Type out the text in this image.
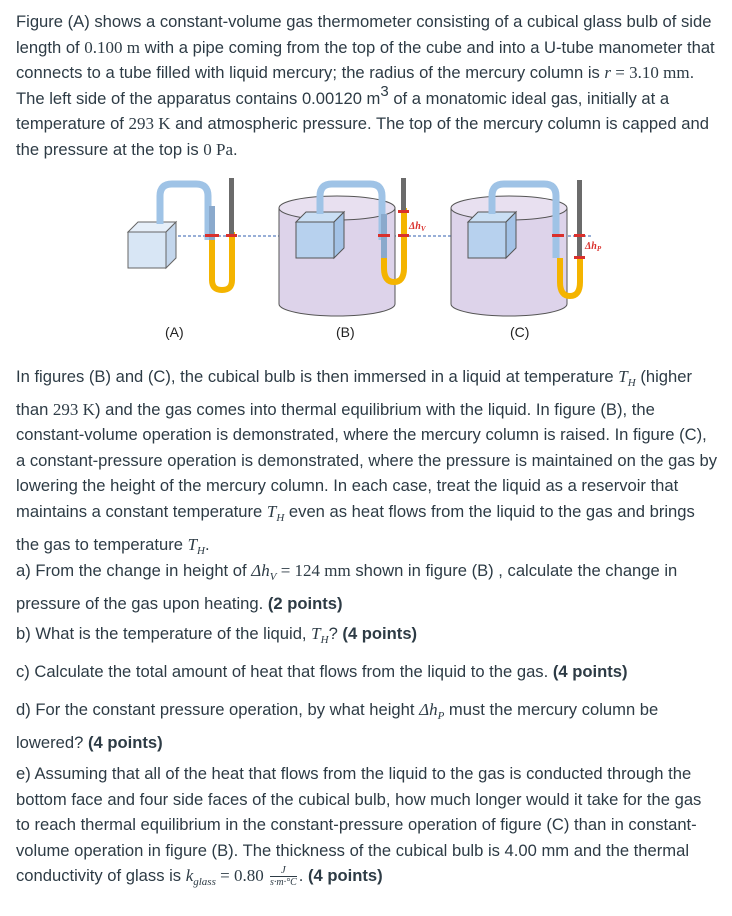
Figure (A) shows a constant-volume gas thermometer consisting of a cubical glass bulb of side length of 0.100 m with a pipe coming from the top of the cube and into a U-tube manometer that connects to a tube filled with liquid mercury; the radius of the mercury column is r = 3.10 mm. The left side of the apparatus contains 0.00120 m3 of a monatomic ideal gas, initially at a temperature of 293 K and atmospheric pressure. The top of the mercury column is capped and the pressure at the top is 0 Pa.

$\Delta h_V$
$\Delta h_P$
(A)	(B)	(C)

In figures (B) and (C), the cubical bulb is then immersed in a liquid at temperature $T_H$ (higher than 293 K) and the gas comes into thermal equilibrium with the liquid. In figure (B), the constant-volume operation is demonstrated, where the mercury column is raised. In figure (C), a constant-pressure operation is demonstrated, where the pressure is maintained on the gas by lowering the height of the mercury column. In each case, treat the liquid as a reservoir that maintains a constant temperature $T_H$ even as heat flows from the liquid to the gas and brings the gas to temperature $T_H$.

a) From the change in height of $\Delta h_V = 124$ mm shown in figure (B) , calculate the change in pressure of the gas upon heating. (2 points)

b) What is the temperature of the liquid, $T_H$? (4 points)

c) Calculate the total amount of heat that flows from the liquid to the gas. (4 points)

d) For the constant pressure operation, by what height $\Delta h_P$ must the mercury column be lowered? (4 points)

e) Assuming that all of the heat that flows from the liquid to the gas is conducted through the bottom face and four side faces of the cubical bulb, how much longer would it take for the gas to reach thermal equilibrium in the constant-pressure operation of figure (C) than in constant-volume operation in figure (B). The thickness of the cubical bulb is 4.00 mm and the thermal conductivity of glass is $k_{glass} = 0.80 \frac{J}{s\cdot m\cdot^\circ C}$ . (4 points)
